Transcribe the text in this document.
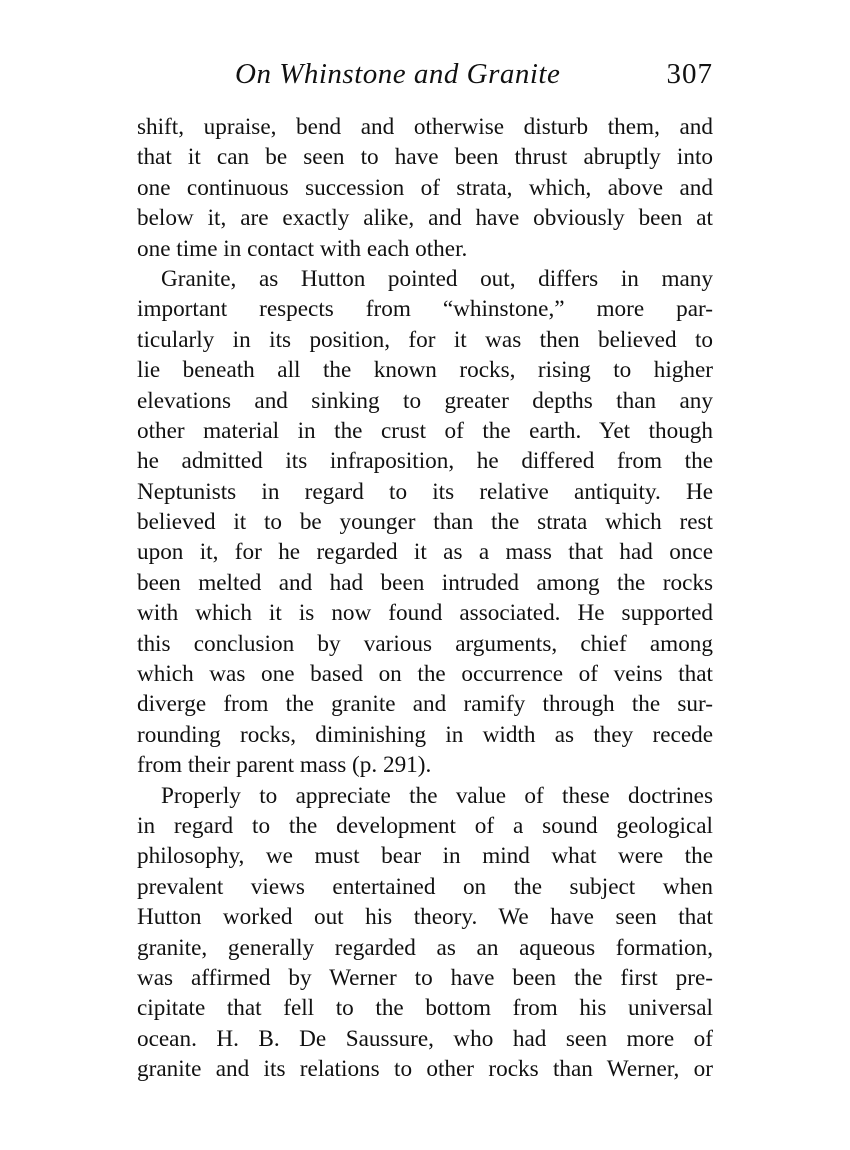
On Whinstone and Granite	307
shift, upraise, bend and otherwise disturb them, and
that it can be seen to have been thrust abruptly into
one continuous succession of strata, which, above and
below it, are exactly alike, and have obviously been at
one time in contact with each other.
Granite, as Hutton pointed out, differs in many
important respects from “whinstone,” more par-
ticularly in its position, for it was then believed to
lie beneath all the known rocks, rising to higher
elevations and sinking to greater depths than any
other material in the crust of the earth. Yet though
he admitted its infraposition, he differed from the
Neptunists in regard to its relative antiquity. He
believed it to be younger than the strata which rest
upon it, for he regarded it as a mass that had once
been melted and had been intruded among the rocks
with which it is now found associated. He supported
this conclusion by various arguments, chief among
which was one based on the occurrence of veins that
diverge from the granite and ramify through the sur-
rounding rocks, diminishing in width as they recede
from their parent mass (p. 291).
Properly to appreciate the value of these doctrines
in regard to the development of a sound geological
philosophy, we must bear in mind what were the
prevalent views entertained on the subject when
Hutton worked out his theory. We have seen that
granite, generally regarded as an aqueous formation,
was affirmed by Werner to have been the first pre-
cipitate that fell to the bottom from his universal
ocean. H. B. De Saussure, who had seen more of
granite and its relations to other rocks than Werner, or
